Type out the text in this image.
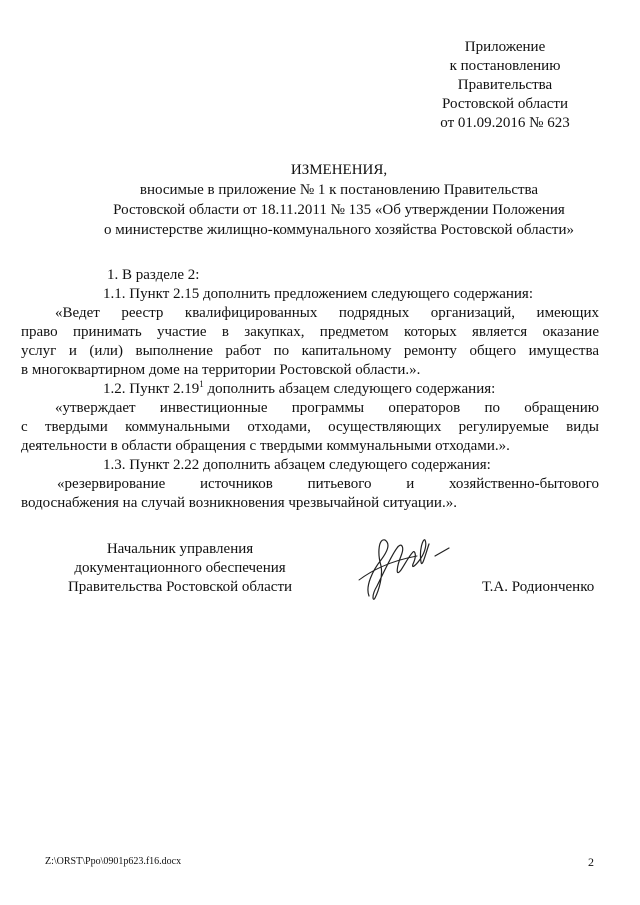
Приложение
к постановлению
Правительства
Ростовской области
от 01.09.2016 № 623
ИЗМЕНЕНИЯ,
вносимые в приложение № 1 к постановлению Правительства
Ростовской области от 18.11.2011 № 135 «Об утверждении Положения
о министерстве жилищно-коммунального хозяйства Ростовской области»
1. В разделе 2:
1.1. Пункт 2.15 дополнить предложением следующего содержания:
«Ведет реестр квалифицированных подрядных организаций, имеющих
право принимать участие в закупках, предметом которых является оказание
услуг и (или) выполнение работ по капитальному ремонту общего имущества
в многоквартирном доме на территории Ростовской области.».
1.2. Пункт 2.19$^1$ дополнить абзацем следующего содержания:
«утверждает инвестиционные программы операторов по обращению
с твердыми коммунальными отходами, осуществляющих регулируемые виды
деятельности в области обращения с твердыми коммунальными отходами.».
1.3. Пункт 2.22 дополнить абзацем следующего содержания:
«резервирование источников питьевого и хозяйственно-бытового
водоснабжения на случай возникновения чрезвычайной ситуации.».
Начальник управления
документационного обеспечения
Правительства Ростовской области	Т.А. Родионченко
Z:\ORST\Ppo\0901p623.f16.docx	2
